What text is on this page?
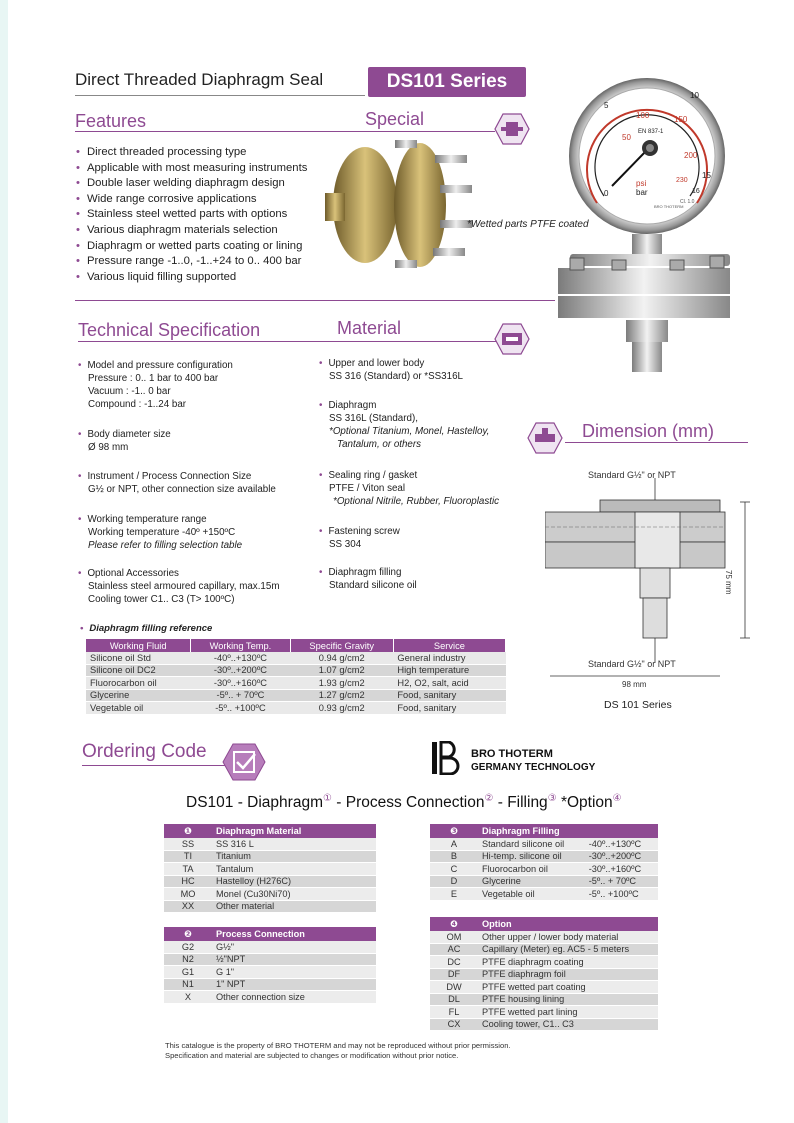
Direct Threaded Diaphragm Seal	DS101 Series
Features	Special
• Direct threaded processing type
• Applicable with most measuring instruments
• Double laser welding diaphragm design
• Wide range corrosive applications
• Stainless steel wetted parts with options
• Various diaphragm materials selection
• Diaphragm or wetted parts coating or lining
• Pressure range -1..0, -1..+24 to 0.. 400 bar
• Various liquid filling supported
50
100	150
200
230
0
5
10
15
16
EN 837-1
psi
bar
BRO THOTERM
Cl. 1.0
*Wetted parts PTFE coated
Technical Specification	Material
• Model and pressure configuration
Pressure : 0.. 1 bar to 400 bar
Vacuum : -1.. 0 bar
Compound : -1..24 bar
• Body diameter size
Ø 98 mm
• Instrument / Process Connection Size
G½ or NPT, other connection size available
• Working temperature range
Working temperature -40º +150ºC
Please refer to filling selection table
• Optional Accessories
Stainless steel armoured capillary, max.15m
Cooling tower C1.. C3 (T> 100ºC)
• Upper and lower body
SS 316 (Standard) or *SS316L
• Diaphragm
SS 316L (Standard),
*Optional Titanium, Monel, Hastelloy,
Tantalum, or others
• Sealing ring / gasket
PTFE / Viton seal
*Optional Nitrile, Rubber, Fluoroplastic
• Fastening screw
SS 304
• Diaphragm filling
Standard silicone oil
Dimension (mm)
Standard G½" or NPT
75 mm
Standard G½" or NPT
98 mm
DS 101 Series
• Diaphragm filling reference
Working Fluid	Working Temp.	Specific Gravity	Service
Silicone oil Std	-40º..+130ºC	0.94 g/cm2	General industry
Silicone oil DC2	-30º..+200ºC	1.07 g/cm2	High temperature
Fluorocarbon oil	-30º..+160ºC	1.93 g/cm2	H2, O2, salt, acid
Glycerine	-5º.. + 70ºC	1.27 g/cm2	Food, sanitary
Vegetable oil	-5º.. +100ºC	0.93 g/cm2	Food, sanitary
Ordering Code	BRO THOTERM
GERMANY TECHNOLOGY
DS101 - Diaphragm① - Process Connection② - Filling③ *Option④
❶	Diaphragm Material
SS	SS 316 L
TI	Titanium
TA	Tantalum
HC	Hastelloy (H276C)
MO	Monel (Cu30Ni70)
XX	Other material
❷	Process Connection
G2	G½"
N2	½"NPT
G1	G 1"
N1	1" NPT
X	Other connection size
❸	Diaphragm Filling	
A	Standard silicone oil	-40º..+130ºC
B	Hi-temp. silicone oil	-30º..+200ºC
C	Fluorocarbon oil	-30º..+160ºC
D	Glycerine	-5º.. + 70ºC
E	Vegetable oil	-5º.. +100ºC
❹	Option
OM	Other upper / lower body material
AC	Capillary (Meter) eg. AC5 - 5 meters
DC	PTFE diaphragm coating
DF	PTFE diaphragm foil
DW	PTFE wetted part coating
DL	PTFE housing lining
FL	PTFE wetted part lining
CX	Cooling tower, C1.. C3
This catalogue is the property of BRO THOTERM and may not be reproduced without prior permission.
Specification and material are subjected to changes or modification without prior notice.
